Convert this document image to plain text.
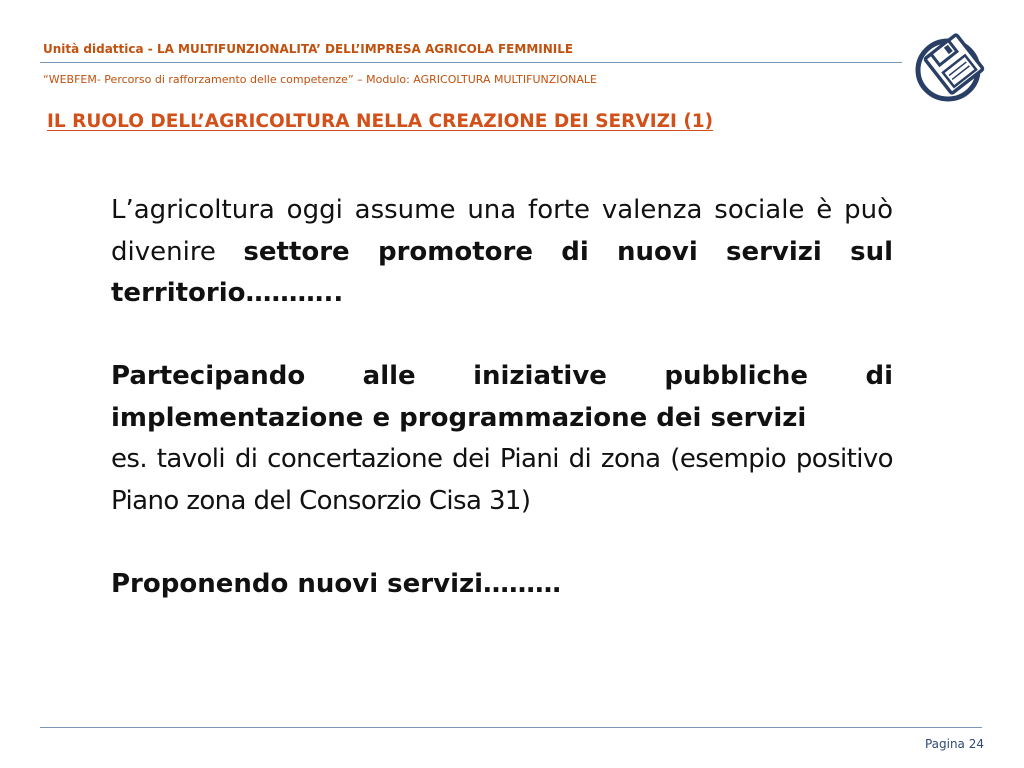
Unità didattica - LA MULTIFUNZIONALITA’ DELL’IMPRESA AGRICOLA FEMMINILE
“WEBFEM- Percorso di rafforzamento delle competenze” – Modulo: AGRICOLTURA MULTIFUNZIONALE
IL RUOLO DELL’AGRICOLTURA NELLA CREAZIONE DEI SERVIZI (1)

L’agricoltura oggi assume una forte valenza sociale è può divenire settore promotore di nuovi servizi sul territorio………..

Partecipando alle iniziative pubbliche di implementazione e programmazione dei servizi

es. tavoli di concertazione dei Piani di zona (esempio positivo Piano zona del Consorzio Cisa 31)

Proponendo nuovi servizi………

Pagina 24
